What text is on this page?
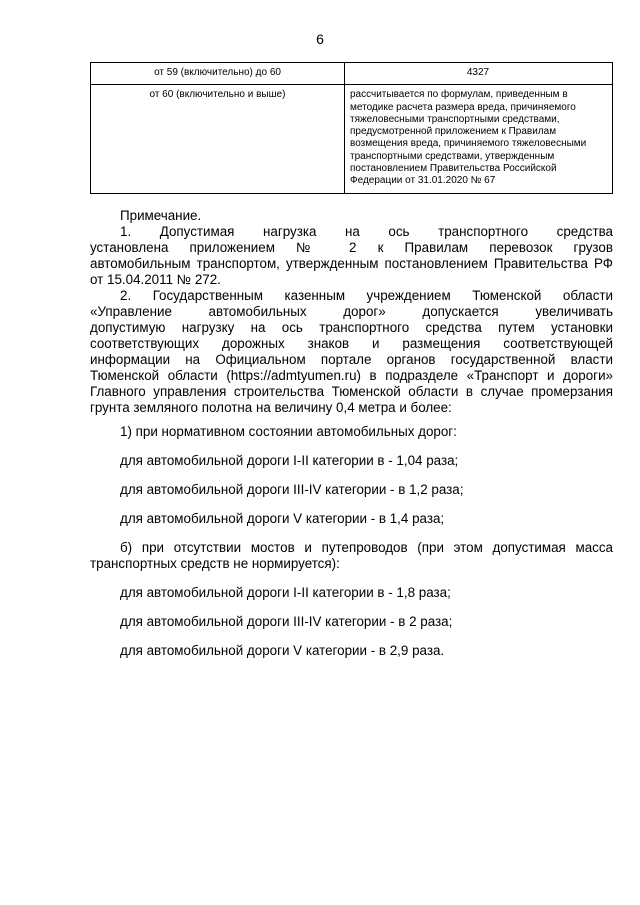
6
от 59 (включительно) до 60	4327
от 60 (включительно и выше)	рассчитывается по формулам, приведенным в методике расчета размера вреда, причиняемого тяжеловесными транспортными средствами, предусмотренной приложением к Правилам возмещения вреда, причиняемого тяжеловесными транспортными средствами, утвержденным постановлением Правительства Российской Федерации от 31.01.2020 № 67

Примечание.

1. Допустимая нагрузка на ось транспортного средства

установлена приложением № 2 к Правилам перевозок грузов

автомобильным транспортом, утвержденным постановлением Правительства РФ от 15.04.2011 № 272.

2. Государственным казенным учреждением Тюменской области

«Управление автомобильных дорог» допускается увеличивать

допустимую нагрузку на ось транспортного средства путем установки

соответствующих дорожных знаков и размещения соответствующей

информации на Официальном портале органов государственной власти

Тюменской области (https://admtyumen.ru) в подразделе «Транспорт и дороги» Главного управления строительства Тюменской области в случае промерзания грунта земляного полотна на величину 0,4 метра и более:

1) при нормативном состоянии автомобильных дорог:

для автомобильной дороги I-II категории в - 1,04 раза;

для автомобильной дороги III-IV категории - в 1,2 раза;

для автомобильной дороги V категории - в 1,4 раза;

б) при отсутствии мостов и путепроводов (при этом допустимая масса транспортных средств не нормируется):

для автомобильной дороги I-II категории в - 1,8 раза;

для автомобильной дороги III-IV категории - в 2 раза;

для автомобильной дороги V категории - в 2,9 раза.
